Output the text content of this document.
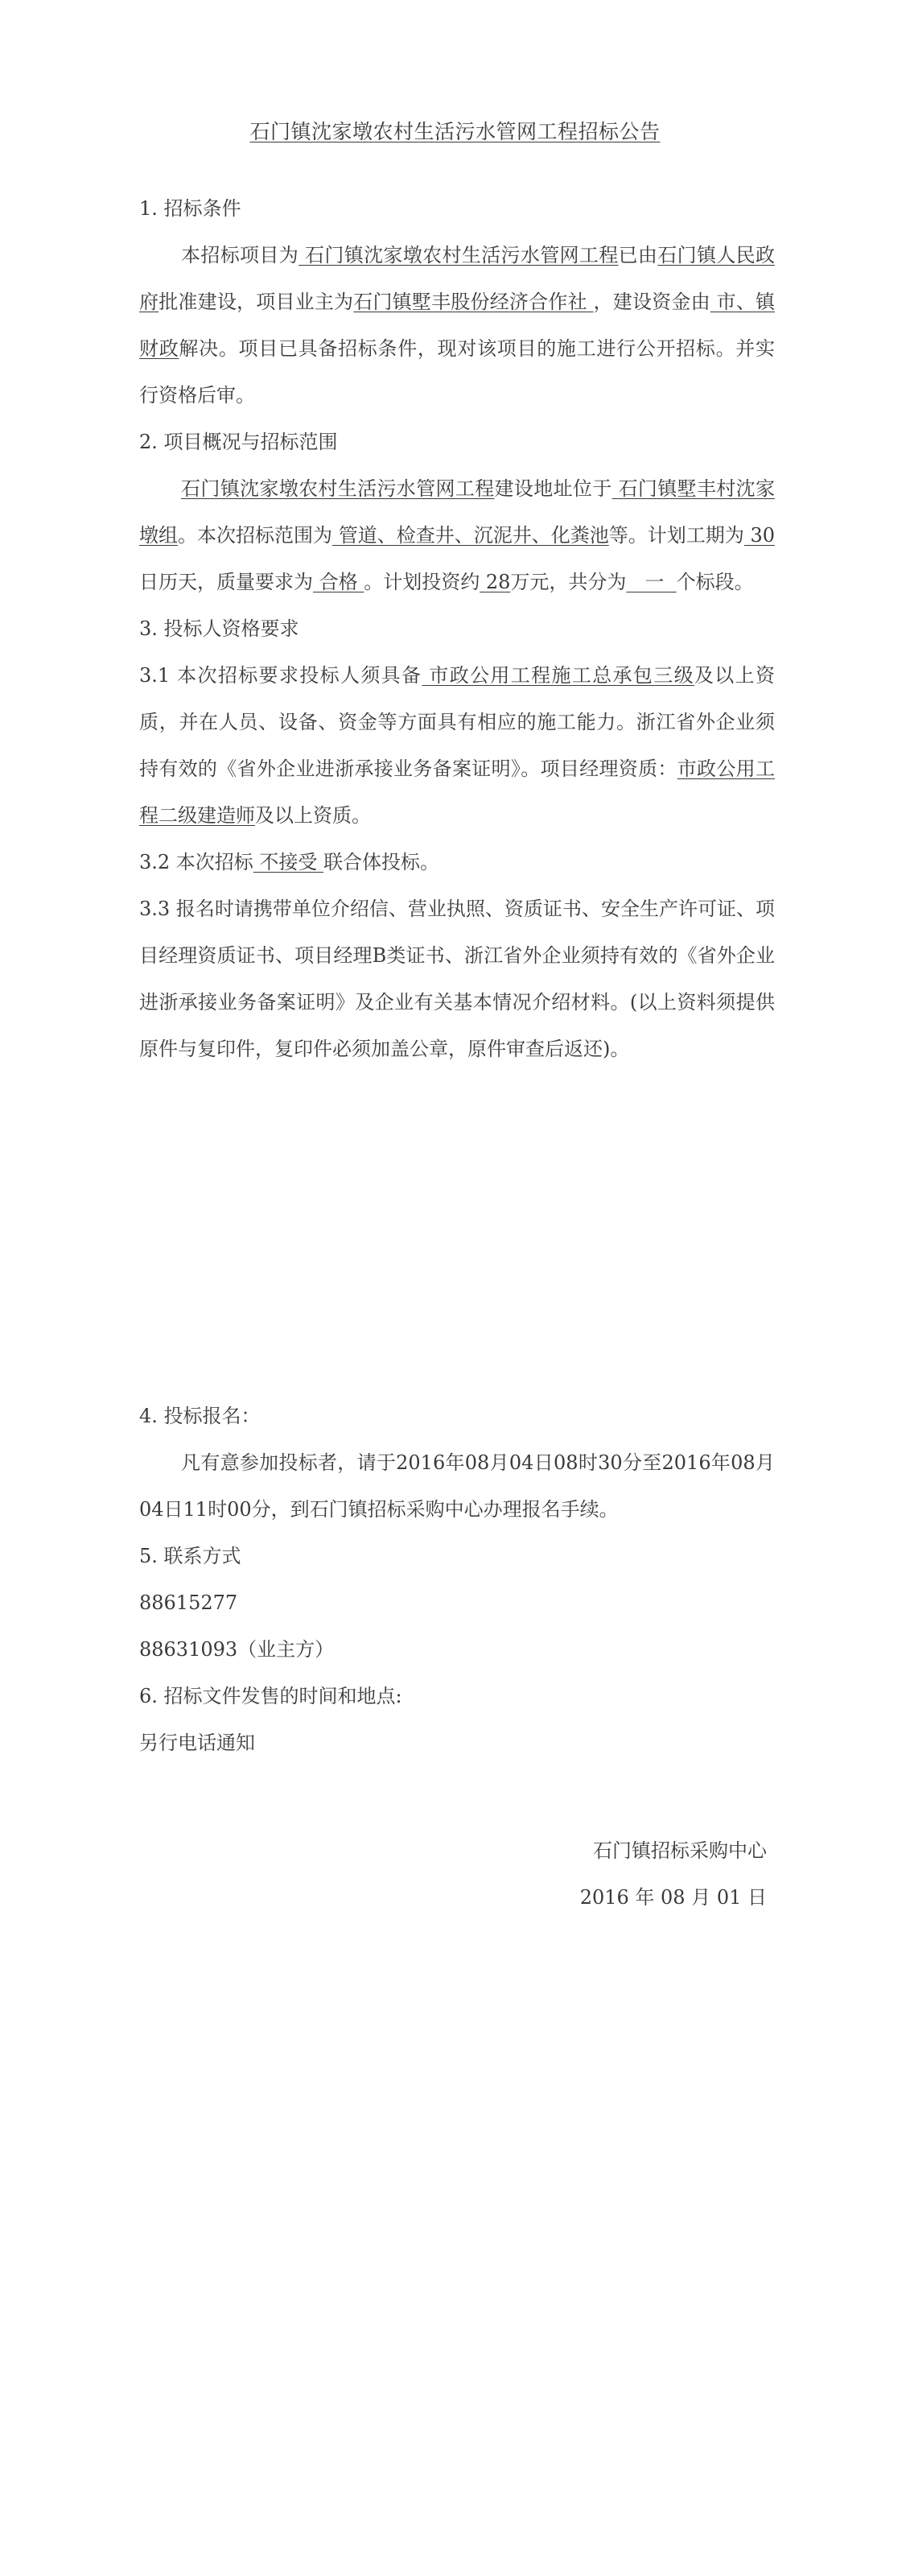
石门镇沈家墩农村生活污水管网工程招标公告

1. 招标条件

本招标项目为 石门镇沈家墩农村生活污水管网工程已由石门镇人民政府批准建设，项目业主为石门镇墅丰股份经济合作社 ，建设资金由 市、镇财政解决。项目已具备招标条件，现对该项目的施工进行公开招标。并实行资格后审。

2. 项目概况与招标范围

石门镇沈家墩农村生活污水管网工程建设地址位于 石门镇墅丰村沈家墩组。本次招标范围为 管道、检查井、沉泥井、化粪池等。计划工期为 30日历天，质量要求为 合格 。计划投资约 28万元，共分为   一  个标段。

3. 投标人资格要求

3.1 本次招标要求投标人须具备 市政公用工程施工总承包三级及以上资质，并在人员、设备、资金等方面具有相应的施工能力。浙江省外企业须持有效的《省外企业进浙承接业务备案证明》。项目经理资质：市政公用工程二级建造师及以上资质。

3.2 本次招标 不接受 联合体投标。

3.3 报名时请携带单位介绍信、营业执照、资质证书、安全生产许可证、项目经理资质证书、项目经理B类证书、浙江省外企业须持有效的《省外企业进浙承接业务备案证明》及企业有关基本情况介绍材料。(以上资料须提供原件与复印件，复印件必须加盖公章，原件审查后返还)。

4. 投标报名：

凡有意参加投标者，请于2016年08月04日08时30分至2016年08月04日11时00分，到石门镇招标采购中心办理报名手续。

5. 联系方式

88615277

88631093（业主方）

6. 招标文件发售的时间和地点:

另行电话通知

石门镇招标采购中心
2016 年 08 月 01 日
